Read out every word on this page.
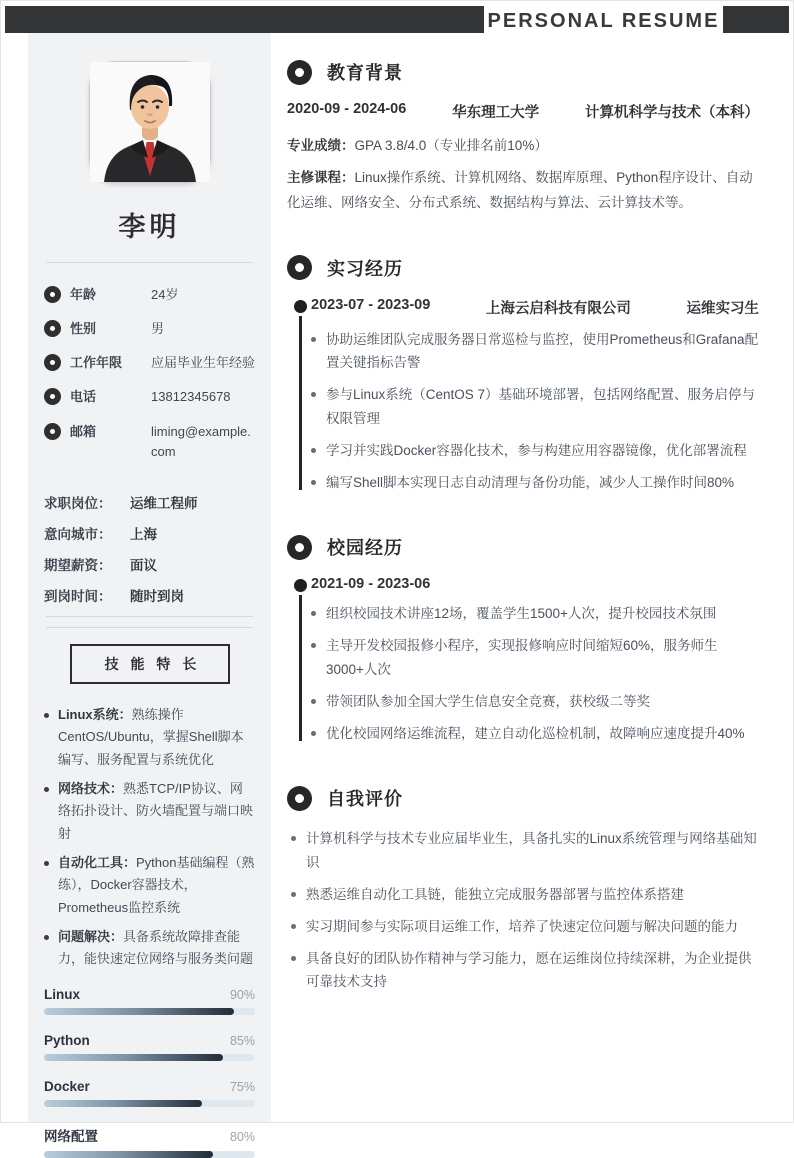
PERSONAL RESUME
李明
年龄	24岁
性别	男
工作年限	应届毕业生年经验
电话	13812345678
邮箱	liming@example.com
求职岗位：	运维工程师
意向城市：	上海
期望薪资：	面议
到岗时间：	随时到岗
技 能 特 长
Linux系统：熟练操作CentOS/Ubuntu，掌握Shell脚本编写、服务配置与系统优化
网络技术：熟悉TCP/IP协议、网络拓扑设计、防火墙配置与端口映射
自动化工具：Python基础编程（熟练），Docker容器技术，Prometheus监控系统
问题解决：具备系统故障排查能力，能快速定位网络与服务类问题
Linux	90%
Python	85%
Docker	75%
网络配置	80%
教育背景
2020-09 - 2024-06	华东理工大学	计算机科学与技术（本科）
专业成绩：GPA 3.8/4.0（专业排名前10%）
主修课程：Linux操作系统、计算机网络、数据库原理、Python程序设计、自动化运维、网络安全、分布式系统、数据结构与算法、云计算技术等。
实习经历
2023-07 - 2023-09	上海云启科技有限公司	运维实习生
协助运维团队完成服务器日常巡检与监控，使用Prometheus和Grafana配置关键指标告警
参与Linux系统（CentOS 7）基础环境部署，包括网络配置、服务启停与权限管理
学习并实践Docker容器化技术，参与构建应用容器镜像，优化部署流程
编写Shell脚本实现日志自动清理与备份功能，减少人工操作时间80%
校园经历
2021-09 - 2023-06
组织校园技术讲座12场，覆盖学生1500+人次，提升校园技术氛围
主导开发校园报修小程序，实现报修响应时间缩短60%，服务师生3000+人次
带领团队参加全国大学生信息安全竞赛，获校级二等奖
优化校园网络运维流程，建立自动化巡检机制，故障响应速度提升40%
自我评价
计算机科学与技术专业应届毕业生，具备扎实的Linux系统管理与网络基础知识
熟悉运维自动化工具链，能独立完成服务器部署与监控体系搭建
实习期间参与实际项目运维工作，培养了快速定位问题与解决问题的能力
具备良好的团队协作精神与学习能力，愿在运维岗位持续深耕，为企业提供可靠技术支持
